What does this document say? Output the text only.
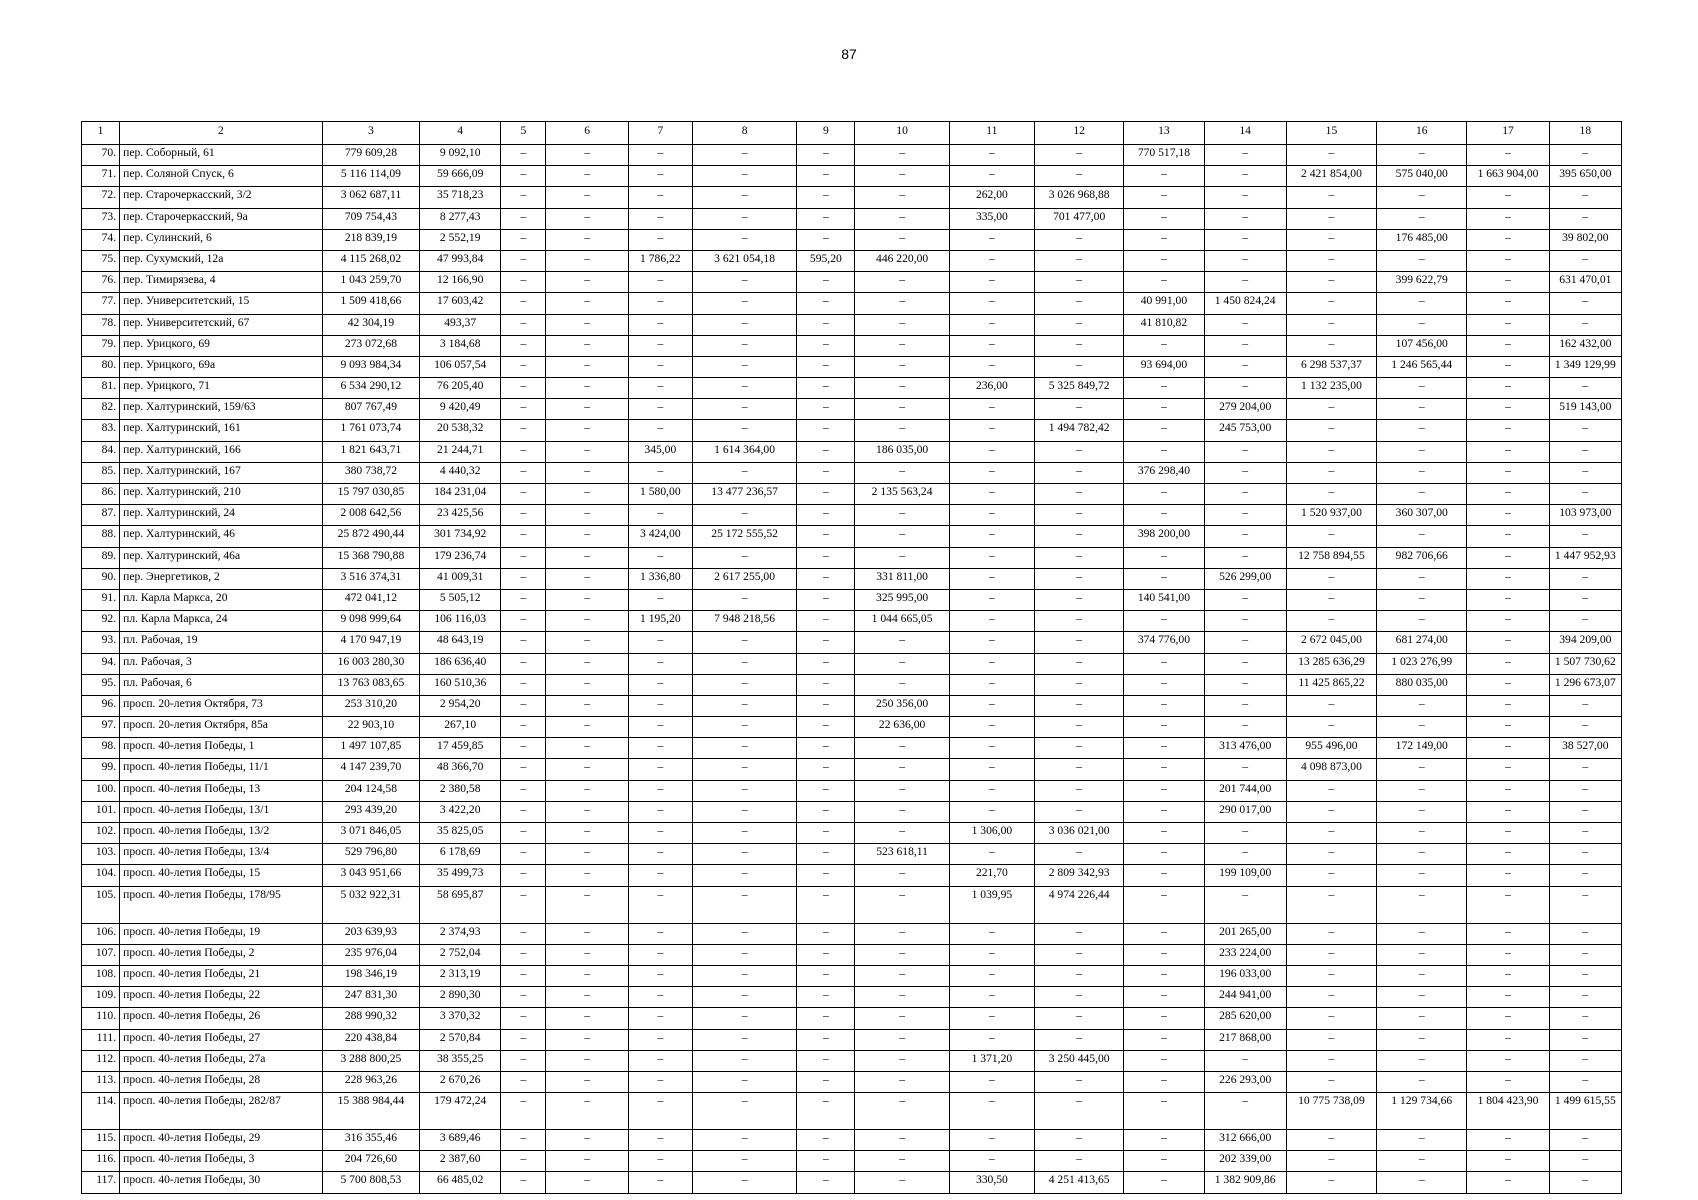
87
1	2	3	4	5	6	7	8	9	10	11	12	13	14	15	16	17	18
70.	пер. Соборный, 61	779 609,28	9 092,10	–	–	–	–	–	–	–	–	770 517,18	–	–	–	–	–
71.	пер. Соляной Спуск, 6	5 116 114,09	59 666,09	–	–	–	–	–	–	–	–	–	–	2 421 854,00	575 040,00	1 663 904,00	395 650,00
72.	пер. Старочеркасский, 3/2	3 062 687,11	35 718,23	–	–	–	–	–	–	262,00	3 026 968,88	–	–	–	–	–	–
73.	пер. Старочеркасский, 9а	709 754,43	8 277,43	–	–	–	–	–	–	335,00	701 477,00	–	–	–	–	–	–
74.	пер. Сулинский, 6	218 839,19	2 552,19	–	–	–	–	–	–	–	–	–	–	–	176 485,00	–	39 802,00
75.	пер. Сухумский, 12а	4 115 268,02	47 993,84	–	–	1 786,22	3 621 054,18	595,20	446 220,00	–	–	–	–	–	–	–	–
76.	пер. Тимирязева, 4	1 043 259,70	12 166,90	–	–	–	–	–	–	–	–	–	–	–	399 622,79	–	631 470,01
77.	пер. Университетский, 15	1 509 418,66	17 603,42	–	–	–	–	–	–	–	–	40 991,00	1 450 824,24	–	–	–	–
78.	пер. Университетский, 67	42 304,19	493,37	–	–	–	–	–	–	–	–	41 810,82	–	–	–	–	–
79.	пер. Урицкого, 69	273 072,68	3 184,68	–	–	–	–	–	–	–	–	–	–	–	107 456,00	–	162 432,00
80.	пер. Урицкого, 69а	9 093 984,34	106 057,54	–	–	–	–	–	–	–	–	93 694,00	–	6 298 537,37	1 246 565,44	–	1 349 129,99
81.	пер. Урицкого, 71	6 534 290,12	76 205,40	–	–	–	–	–	–	236,00	5 325 849,72	–	–	1 132 235,00	–	–	–
82.	пер. Халтуринский, 159/63	807 767,49	9 420,49	–	–	–	–	–	–	–	–	–	279 204,00	–	–	–	519 143,00
83.	пер. Халтуринский, 161	1 761 073,74	20 538,32	–	–	–	–	–	–	–	1 494 782,42	–	245 753,00	–	–	–	–
84.	пер. Халтуринский, 166	1 821 643,71	21 244,71	–	–	345,00	1 614 364,00	–	186 035,00	–	–	–	–	–	–	–	–
85.	пер. Халтуринский, 167	380 738,72	4 440,32	–	–	–	–	–	–	–	–	376 298,40	–	–	–	–	–
86.	пер. Халтуринский, 210	15 797 030,85	184 231,04	–	–	1 580,00	13 477 236,57	–	2 135 563,24	–	–	–	–	–	–	–	–
87.	пер. Халтуринский, 24	2 008 642,56	23 425,56	–	–	–	–	–	–	–	–	–	–	1 520 937,00	360 307,00	–	103 973,00
88.	пер. Халтуринский, 46	25 872 490,44	301 734,92	–	–	3 424,00	25 172 555,52	–	–	–	–	398 200,00	–	–	–	–	–
89.	пер. Халтуринский, 46а	15 368 790,88	179 236,74	–	–	–	–	–	–	–	–	–	–	12 758 894,55	982 706,66	–	1 447 952,93
90.	пер. Энергетиков, 2	3 516 374,31	41 009,31	–	–	1 336,80	2 617 255,00	–	331 811,00	–	–	–	526 299,00	–	–	–	–
91.	пл. Карла Маркса, 20	472 041,12	5 505,12	–	–	–	–	–	325 995,00	–	–	140 541,00	–	–	–	–	–
92.	пл. Карла Маркса, 24	9 098 999,64	106 116,03	–	–	1 195,20	7 948 218,56	–	1 044 665,05	–	–	–	–	–	–	–	–
93.	пл. Рабочая, 19	4 170 947,19	48 643,19	–	–	–	–	–	–	–	–	374 776,00	–	2 672 045,00	681 274,00	–	394 209,00
94.	пл. Рабочая, 3	16 003 280,30	186 636,40	–	–	–	–	–	–	–	–	–	–	13 285 636,29	1 023 276,99	–	1 507 730,62
95.	пл. Рабочая, 6	13 763 083,65	160 510,36	–	–	–	–	–	–	–	–	–	–	11 425 865,22	880 035,00	–	1 296 673,07
96.	просп. 20-летия Октября, 73	253 310,20	2 954,20	–	–	–	–	–	250 356,00	–	–	–	–	–	–	–	–
97.	просп. 20-летия Октября, 85а	22 903,10	267,10	–	–	–	–	–	22 636,00	–	–	–	–	–	–	–	–
98.	просп. 40-летия Победы, 1	1 497 107,85	17 459,85	–	–	–	–	–	–	–	–	–	313 476,00	955 496,00	172 149,00	–	38 527,00
99.	просп. 40-летия Победы, 11/1	4 147 239,70	48 366,70	–	–	–	–	–	–	–	–	–	–	4 098 873,00	–	–	–
100.	просп. 40-летия Победы, 13	204 124,58	2 380,58	–	–	–	–	–	–	–	–	–	201 744,00	–	–	–	–
101.	просп. 40-летия Победы, 13/1	293 439,20	3 422,20	–	–	–	–	–	–	–	–	–	290 017,00	–	–	–	–
102.	просп. 40-летия Победы, 13/2	3 071 846,05	35 825,05	–	–	–	–	–	–	1 306,00	3 036 021,00	–	–	–	–	–	–
103.	просп. 40-летия Победы, 13/4	529 796,80	6 178,69	–	–	–	–	–	523 618,11	–	–	–	–	–	–	–	–
104.	просп. 40-летия Победы, 15	3 043 951,66	35 499,73	–	–	–	–	–	–	221,70	2 809 342,93	–	199 109,00	–	–	–	–
105.	просп. 40-летия Победы, 178/95	5 032 922,31	58 695,87	–	–	–	–	–	–	1 039,95	4 974 226,44	–	–	–	–	–	–
106.	просп. 40-летия Победы, 19	203 639,93	2 374,93	–	–	–	–	–	–	–	–	–	201 265,00	–	–	–	–
107.	просп. 40-летия Победы, 2	235 976,04	2 752,04	–	–	–	–	–	–	–	–	–	233 224,00	–	–	–	–
108.	просп. 40-летия Победы, 21	198 346,19	2 313,19	–	–	–	–	–	–	–	–	–	196 033,00	–	–	–	–
109.	просп. 40-летия Победы, 22	247 831,30	2 890,30	–	–	–	–	–	–	–	–	–	244 941,00	–	–	–	–
110.	просп. 40-летия Победы, 26	288 990,32	3 370,32	–	–	–	–	–	–	–	–	–	285 620,00	–	–	–	–
111.	просп. 40-летия Победы, 27	220 438,84	2 570,84	–	–	–	–	–	–	–	–	–	217 868,00	–	–	–	–
112.	просп. 40-летия Победы, 27а	3 288 800,25	38 355,25	–	–	–	–	–	–	1 371,20	3 250 445,00	–	–	–	–	–	–
113.	просп. 40-летия Победы, 28	228 963,26	2 670,26	–	–	–	–	–	–	–	–	–	226 293,00	–	–	–	–
114.	просп. 40-летия Победы, 282/87	15 388 984,44	179 472,24	–	–	–	–	–	–	–	–	–	–	10 775 738,09	1 129 734,66	1 804 423,90	1 499 615,55
115.	просп. 40-летия Победы, 29	316 355,46	3 689,46	–	–	–	–	–	–	–	–	–	312 666,00	–	–	–	–
116.	просп. 40-летия Победы, 3	204 726,60	2 387,60	–	–	–	–	–	–	–	–	–	202 339,00	–	–	–	–
117.	просп. 40-летия Победы, 30	5 700 808,53	66 485,02	–	–	–	–	–	–	330,50	4 251 413,65	–	1 382 909,86	–	–	–	–
